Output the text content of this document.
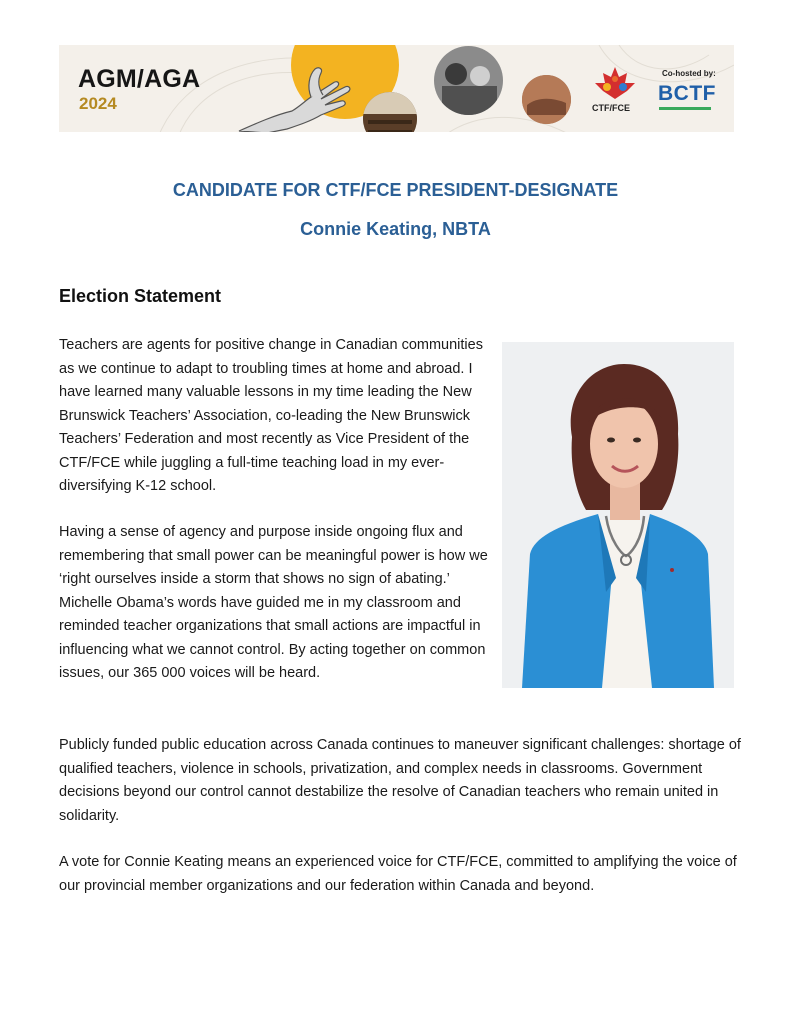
AGM/AGA
2024	CTF/FCE
Co-hosted by:
BCTF
CANDIDATE FOR CTF/FCE PRESIDENT-DESIGNATE
Connie Keating, NBTA
Election Statement

Teachers are agents for positive change in Canadian communities as we continue to adapt to troubling times at home and abroad. I have learned many valuable lessons in my time leading the New Brunswick Teachers’ Association, co-leading the New Brunswick Teachers’ Federation and most recently as Vice President of the CTF/FCE while juggling a full-time teaching load in my ever-diversifying K-12 school.

Having a sense of agency and purpose inside ongoing flux and remembering that small power can be meaningful power is how we ‘right ourselves inside a storm that shows no sign of abating.’ Michelle Obama’s words have guided me in my classroom and reminded teacher organizations that small actions are impactful in influencing what we cannot control. By acting together on common issues, our 365 000 voices will be heard.

Publicly funded public education across Canada continues to maneuver significant challenges: shortage of qualified teachers, violence in schools, privatization, and complex needs in classrooms. Government decisions beyond our control cannot destabilize the resolve of Canadian teachers who remain united in solidarity.

A vote for Connie Keating means an experienced voice for CTF/FCE, committed to amplifying the voice of our provincial member organizations and our federation within Canada and beyond.
